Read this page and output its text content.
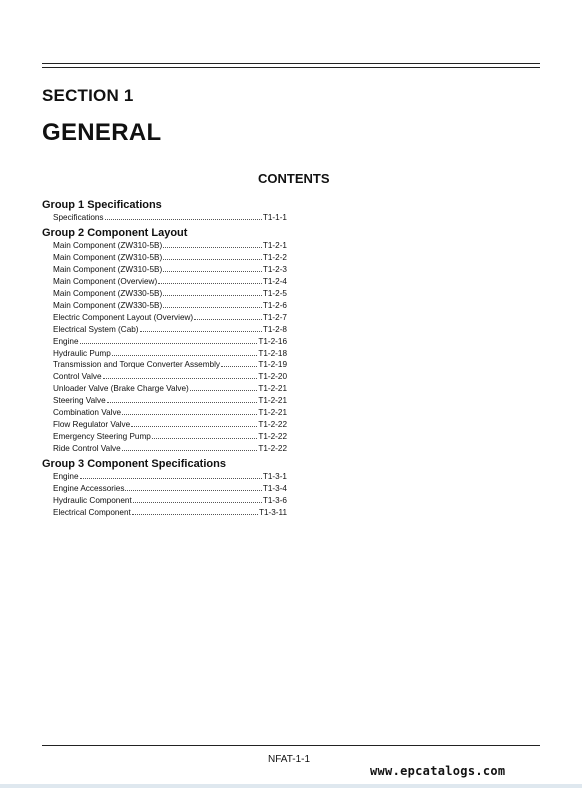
SECTION 1
GENERAL
CONTENTS
Group 1 Specifications
Specifications	T1-1-1
Group 2 Component Layout
Main Component (ZW310-5B)	T1-2-1
Main Component (ZW310-5B)	T1-2-2
Main Component (ZW310-5B)	T1-2-3
Main Component (Overview)	T1-2-4
Main Component (ZW330-5B)	T1-2-5
Main Component (ZW330-5B)	T1-2-6
Electric Component Layout (Overview)	T1-2-7
Electrical System (Cab)	T1-2-8
Engine	T1-2-16
Hydraulic Pump	T1-2-18
Transmission and Torque Converter Assembly	T1-2-19
Control Valve	T1-2-20
Unloader Valve (Brake Charge Valve)	T1-2-21
Steering Valve	T1-2-21
Combination Valve	T1-2-21
Flow Regulator Valve	T1-2-22
Emergency Steering Pump	T1-2-22
Ride Control Valve	T1-2-22
Group 3 Component Specifications
Engine	T1-3-1
Engine Accessories	T1-3-4
Hydraulic Component	T1-3-6
Electrical Component	T1-3-11
NFAT-1-1
www.epcatalogs.com
